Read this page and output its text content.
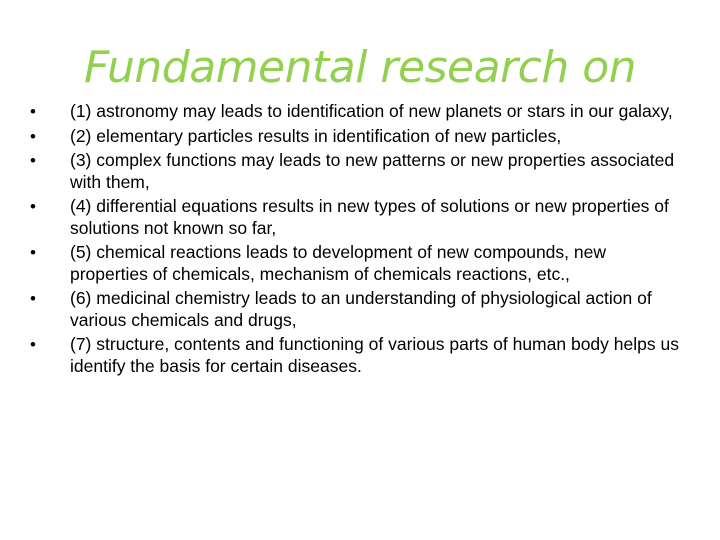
Fundamental research on
•	(1) astronomy may leads to identification of new planets or stars in our galaxy,
•	(2) elementary particles results in identification of new particles,
•	(3) complex functions may leads to new patterns or new properties associated with them,
•	(4) differential equations results in new types of solutions or new properties of solutions not known so far,
•	(5) chemical reactions leads to development of new compounds, new properties of chemicals, mechanism of chemicals reactions, etc.,
•	(6) medicinal chemistry leads to an understanding of physiological action of various chemicals and drugs,
•	(7) structure, contents and functioning of various parts of human body helps us identify the basis for certain diseases.
